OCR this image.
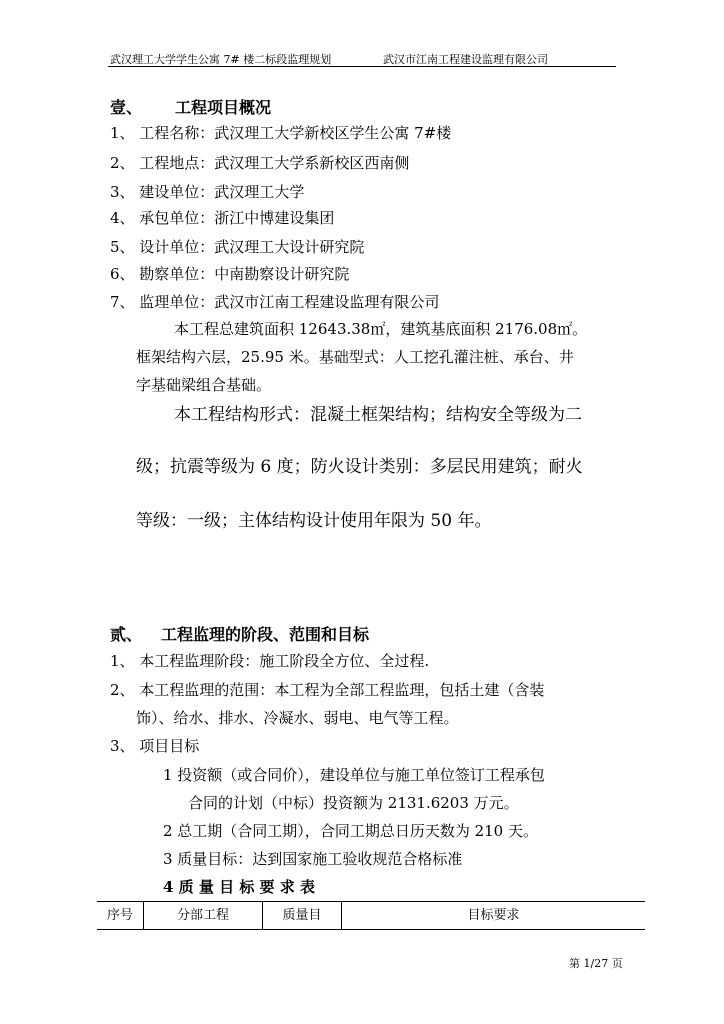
武汉理工大学学生公寓 7# 楼二标段监理规划	武汉市江南工程建设监理有限公司
壹、 工程项目概况
1、 工程名称：武汉理工大学新校区学生公寓 7#楼
2、 工程地点：武汉理工大学系新校区西南侧
3、 建设单位：武汉理工大学
4、 承包单位：浙江中博建设集团
5、 设计单位：武汉理工大设计研究院
6、 勘察单位：中南勘察设计研究院
7、 监理单位：武汉市江南工程建设监理有限公司
本工程总建筑面积 12643.38㎡，建筑基底面积 2176.08㎡。
框架结构六层，25.95 米。基础型式：人工挖孔灌注桩、承台、井
字基础梁组合基础。
本工程结构形式：混凝土框架结构；结构安全等级为二
级；抗震等级为 6 度；防火设计类别：多层民用建筑；耐火
等级：一级；主体结构设计使用年限为 50 年。
贰、 工程监理的阶段、范围和目标
1、 本工程监理阶段：施工阶段全方位、全过程.
2、 本工程监理的范围：本工程为全部工程监理，包括土建（含装
饰）、给水、排水、冷凝水、弱电、电气等工程。
3、 项目目标
1 投资额（或合同价），建设单位与施工单位签订工程承包
合同的计划（中标）投资额为 2131.6203 万元。
2 总工期（合同工期），合同工期总日历天数为 210 天。
3 质量目标：达到国家施工验收规范合格标准
4 质 量 目 标 要 求 表
序号	分部工程	质量目	目标要求
第 1/27 页
